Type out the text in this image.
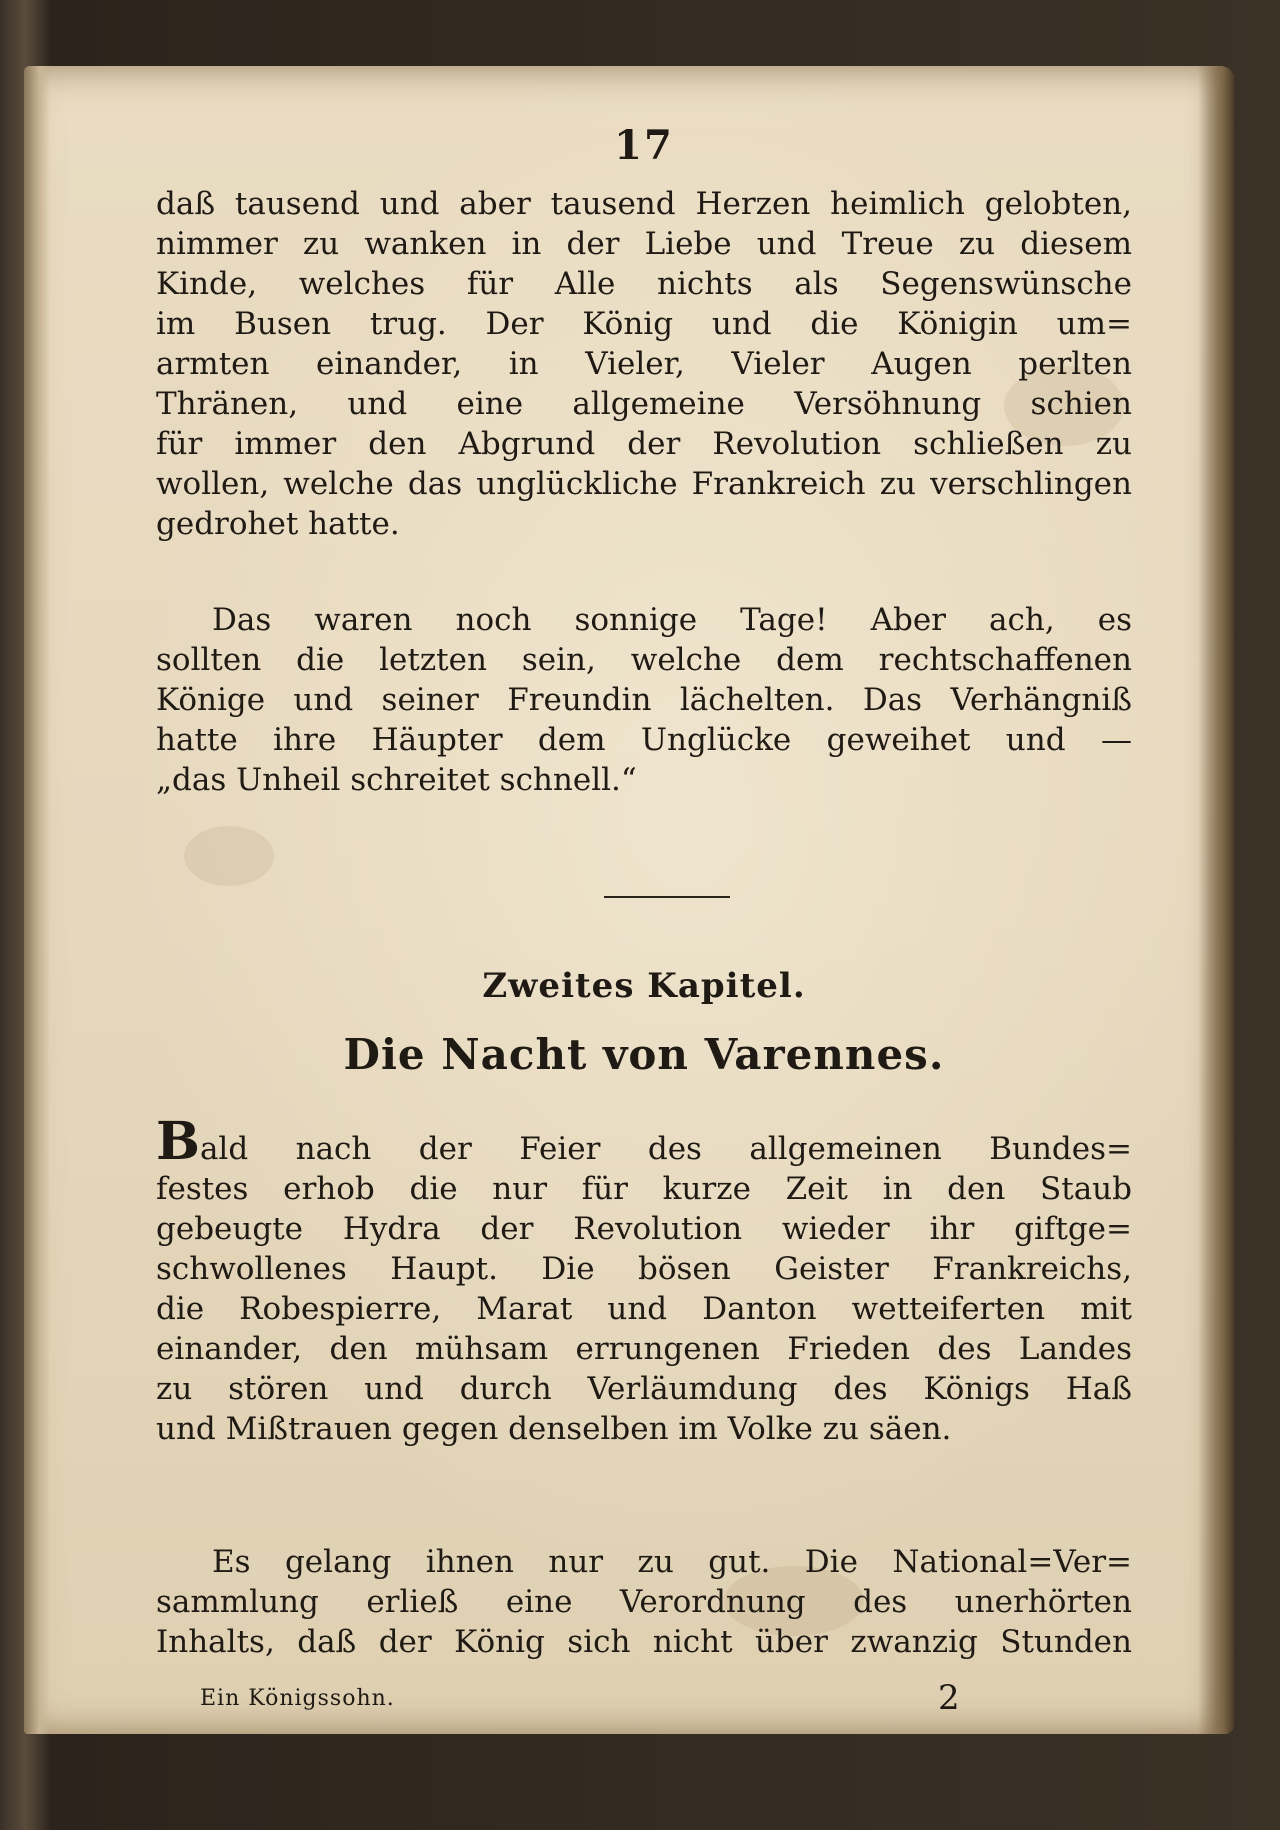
17
daß tausend und aber tausend Herzen heimlich gelobten,
nimmer zu wanken in der Liebe und Treue zu diesem
Kinde, welches für Alle nichts als Segenswünsche
im Busen trug. Der König und die Königin um=
armten einander, in Vieler, Vieler Augen perlten
Thränen, und eine allgemeine Versöhnung schien
für immer den Abgrund der Revolution schließen zu
wollen, welche das unglückliche Frankreich zu verschlingen
gedrohet hatte.
Das waren noch sonnige Tage! Aber ach, es
sollten die letzten sein, welche dem rechtschaffenen
Könige und seiner Freundin lächelten. Das Verhängniß
hatte ihre Häupter dem Unglücke geweihet und —
„das Unheil schreitet schnell.“
Zweites Kapitel.
Die Nacht von Varennes.
Bald nach der Feier des allgemeinen Bundes=
festes erhob die nur für kurze Zeit in den Staub
gebeugte Hydra der Revolution wieder ihr giftge=
schwollenes Haupt. Die bösen Geister Frankreichs,
die Robespierre, Marat und Danton wetteiferten mit
einander, den mühsam errungenen Frieden des Landes
zu stören und durch Verläumdung des Königs Haß
und Mißtrauen gegen denselben im Volke zu säen.
Es gelang ihnen nur zu gut. Die National=Ver=
sammlung erließ eine Verordnung des unerhörten
Inhalts, daß der König sich nicht über zwanzig Stunden
Ein Königssohn.	2
